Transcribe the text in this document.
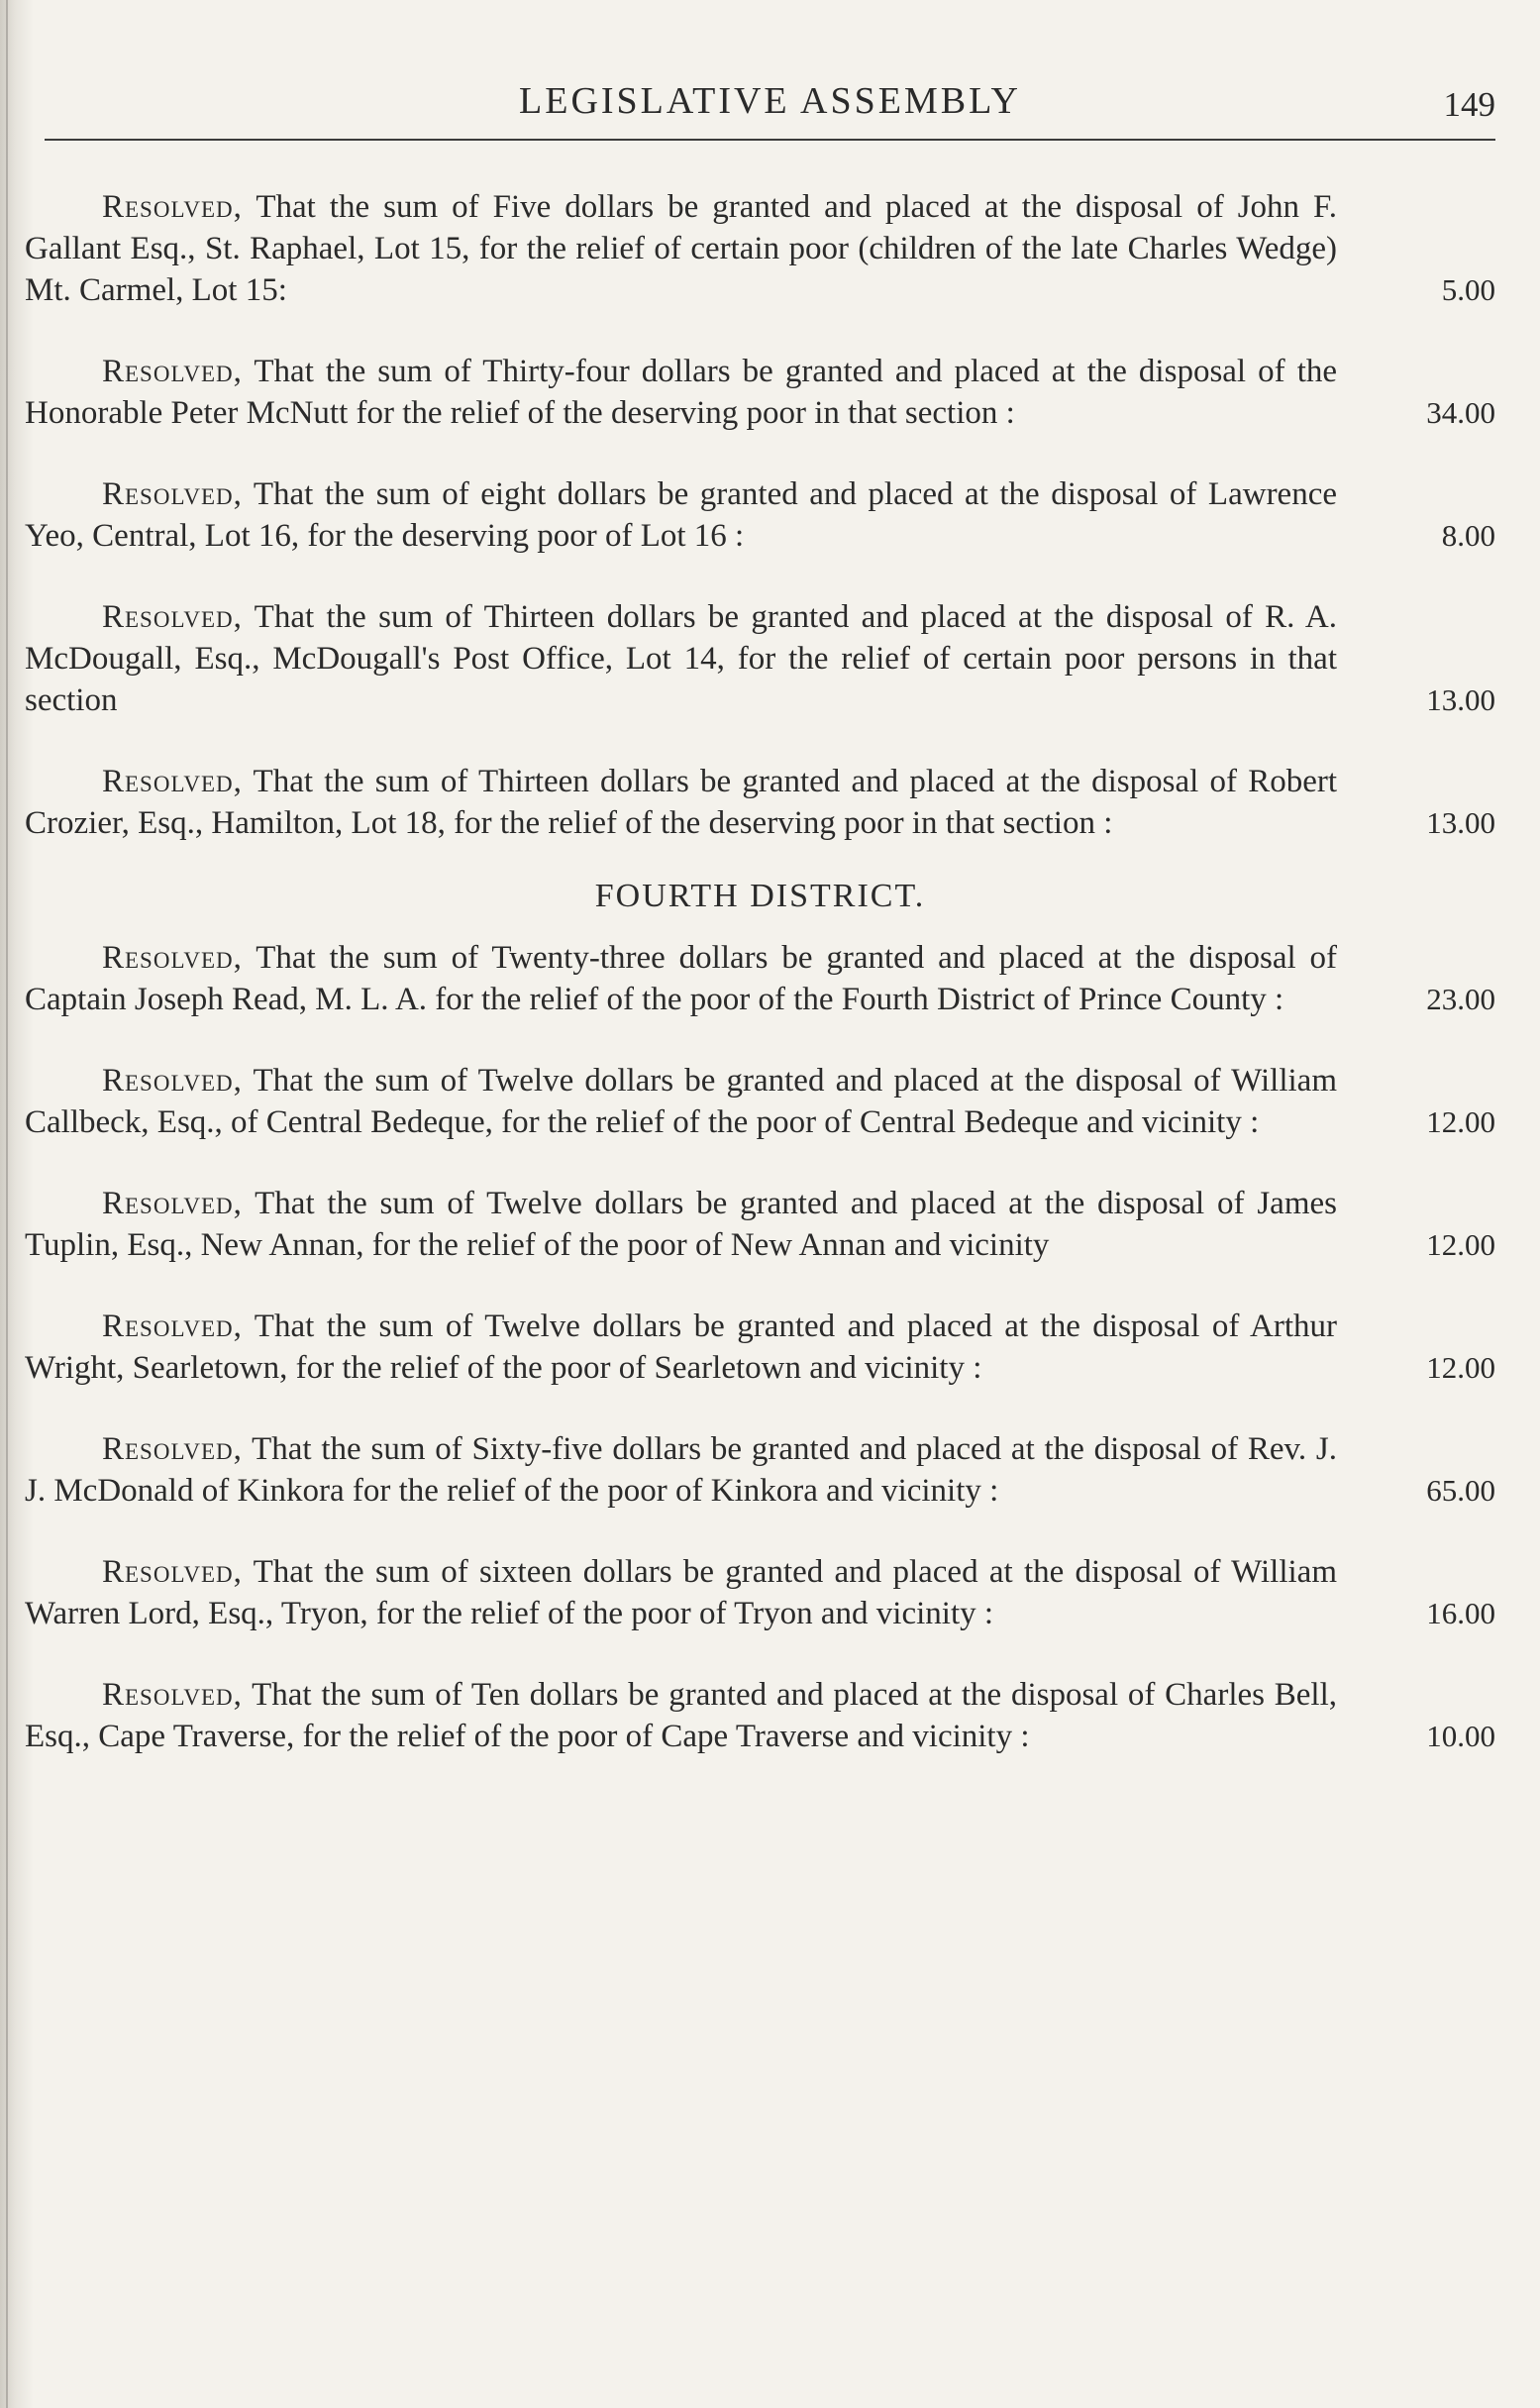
LEGISLATIVE ASSEMBLY	149
Resolved, That the sum of Five dollars be granted and placed at the disposal of John F. Gallant Esq., St. Raphael, Lot 15, for the relief of certain poor (children of the late Charles Wedge) Mt. Carmel, Lot 15:	5.00
Resolved, That the sum of Thirty-four dollars be granted and placed at the disposal of the Honorable Peter McNutt for the relief of the deserving poor in that section :	34.00
Resolved, That the sum of eight dollars be granted and placed at the disposal of Lawrence Yeo, Central, Lot 16, for the deserving poor of Lot 16 :	8.00
Resolved, That the sum of Thirteen dollars be granted and placed at the disposal of R. A. McDougall, Esq., McDougall's Post Office, Lot 14, for the relief of certain poor persons in that section	13.00
Resolved, That the sum of Thirteen dollars be granted and placed at the disposal of Robert Crozier, Esq., Hamilton, Lot 18, for the relief of the deserving poor in that section :	13.00
FOURTH DISTRICT.
Resolved, That the sum of Twenty-three dollars be granted and placed at the disposal of Captain Joseph Read, M. L. A. for the relief of the poor of the Fourth District of Prince County :	23.00
Resolved, That the sum of Twelve dollars be granted and placed at the disposal of William Callbeck, Esq., of Central Bedeque, for the relief of the poor of Central Bedeque and vicinity :	12.00
Resolved, That the sum of Twelve dollars be granted and placed at the disposal of James Tuplin, Esq., New Annan, for the relief of the poor of New Annan and vicinity	12.00
Resolved, That the sum of Twelve dollars be granted and placed at the disposal of Arthur Wright, Searletown, for the relief of the poor of Searletown and vicinity :	12.00
Resolved, That the sum of Sixty-five dollars be granted and placed at the disposal of Rev. J. J. McDonald of Kinkora for the relief of the poor of Kinkora and vicinity :	65.00
Resolved, That the sum of sixteen dollars be granted and placed at the disposal of William Warren Lord, Esq., Tryon, for the relief of the poor of Tryon and vicinity :	16.00
Resolved, That the sum of Ten dollars be granted and placed at the disposal of Charles Bell, Esq., Cape Traverse, for the relief of the poor of Cape Traverse and vicinity :	10.00
